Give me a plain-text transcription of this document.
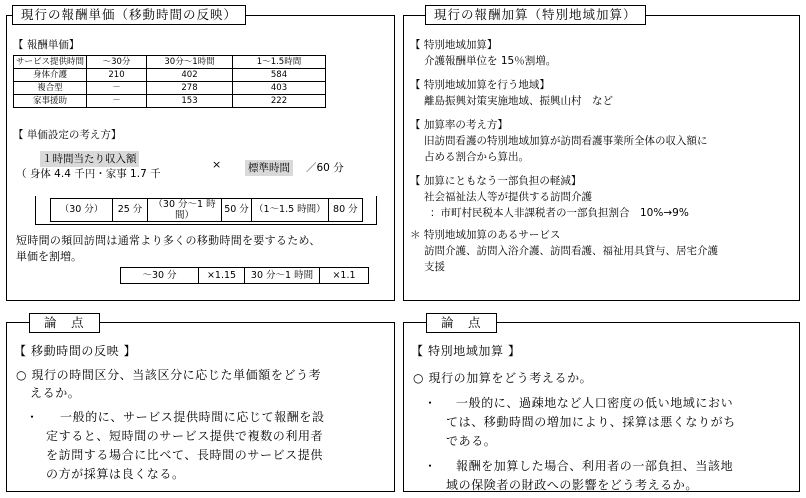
現行の報酬単価（移動時間の反映）
【 報酬単価】
サービス提供時間	～30分	30分～1時間	1～1.5時間
身体介護	210	402	584
複合型	－	278	403
家事援助	－	153	222
【 単価設定の考え方】
１時間当たり収入額
（ 身体 4.4 千円・家事 1.7 千
×	標準時間 ／60 分
（30 分）	25 分	（30 分～1 時間）	50 分	（1～1.5 時間）	80 分
短時間の頻回訪問は通常より多くの移動時間を要するため、
単価を割増。
～30 分	×1.15	30 分～1 時間	×1.1
現行の報酬加算（特別地域加算）
【 特別地域加算】
介護報酬単位を 15％割増。
【 特別地域加算を行う地域】
離島振興対策実施地域、振興山村　など
【 加算率の考え方】
旧訪問看護の特別地域加算が訪問看護事業所全体の収入額に
占める割合から算出。
【 加算にともなう一部負担の軽減】
社会福祉法人等が提供する訪問介護
：市町村民税本人非課税者の一部負担割合　10%→9%
＊ 特別地域加算のあるサービス
訪問介護、訪問入浴介護、訪問看護、福祉用具貸与、居宅介護
支援
論　点
【 移動時間の反映 】
○ 現行の時間区分、当該区分に応じた単価額をどう考
えるか。
・ 一般的に、サービス提供時間に応じて報酬を設
定すると、短時間のサービス提供で複数の利用者
を訪問する場合に比べて、長時間のサービス提供
の方が採算は良くなる。
論　点
【 特別地域加算 】
○ 現行の加算をどう考えるか。
・ 一般的に、過疎地など人口密度の低い地域におい
ては、移動時間の増加により、採算は悪くなりがち
である。
・ 報酬を加算した場合、利用者の一部負担、当該地
域の保険者の財政への影響をどう考えるか。
